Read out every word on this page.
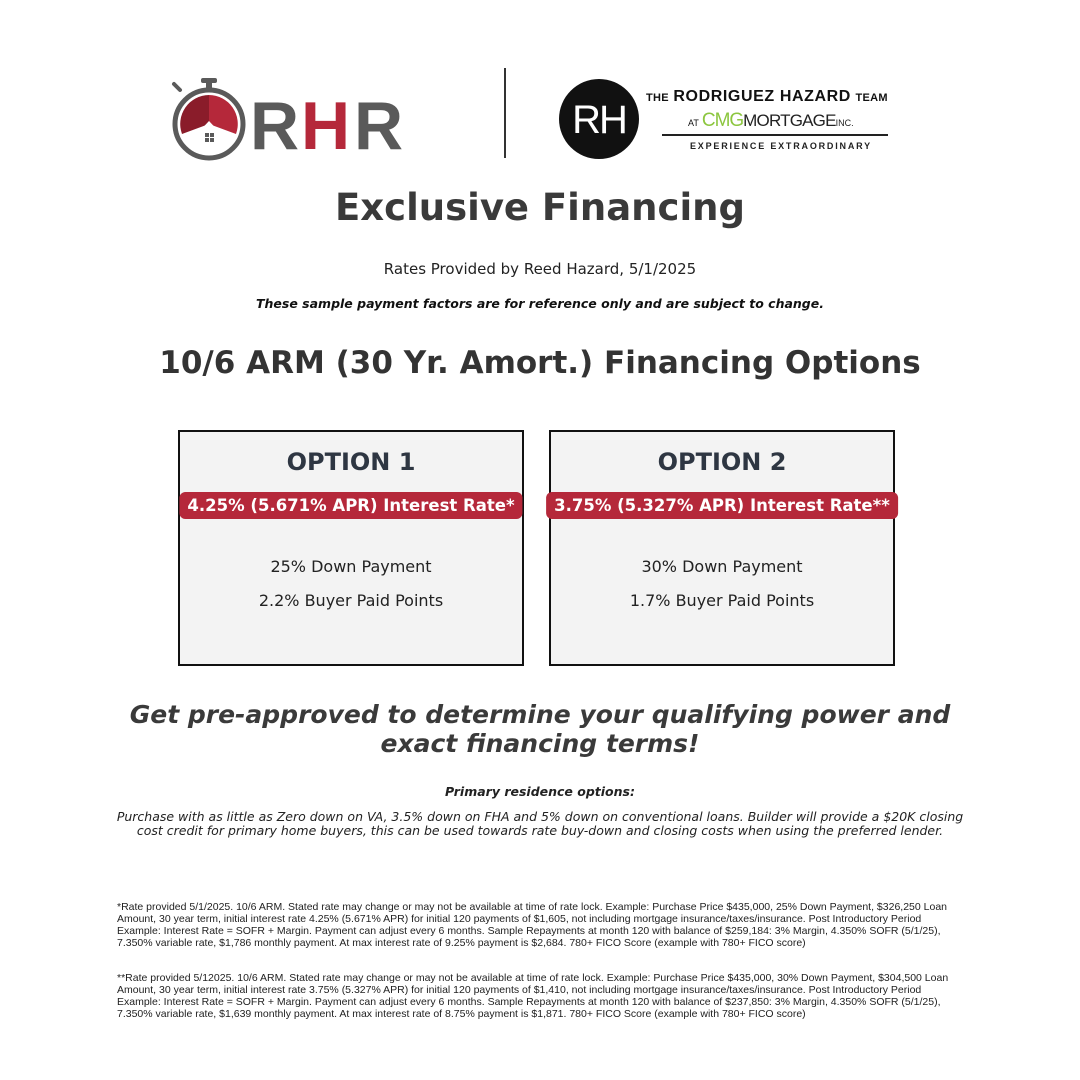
R H R	RH THE RODRIGUEZ HAZARD TEAM
AT CMGMORTGAGEINC.
EXPERIENCE EXTRAORDINARY
Exclusive Financing
Rates Provided by Reed Hazard, 5/1/2025
These sample payment factors are for reference only and are subject to change.
10/6 ARM (30 Yr. Amort.) Financing Options
OPTION 1
4.25% (5.671% APR) Interest Rate*
25% Down Payment
2.2% Buyer Paid Points
OPTION 2
3.75% (5.327% APR) Interest Rate**
30% Down Payment
1.7% Buyer Paid Points
Get pre-approved to determine your qualifying power and exact financing terms!
Primary residence options:
Purchase with as little as Zero down on VA, 3.5% down on FHA and 5% down on conventional loans. Builder will provide a $20K closing cost credit for primary home buyers, this can be used towards rate buy-down and closing costs when using the preferred lender.
*Rate provided 5/1/2025. 10/6 ARM. Stated rate may change or may not be available at time of rate lock. Example: Purchase Price $435,000, 25% Down Payment, $326,250 Loan Amount, 30 year term, initial interest rate 4.25% (5.671% APR) for initial 120 payments of $1,605, not including mortgage insurance/taxes/insurance. Post Introductory Period Example: Interest Rate = SOFR + Margin. Payment can adjust every 6 months. Sample Repayments at month 120 with balance of $259,184: 3% Margin, 4.350% SOFR (5/1/25), 7.350% variable rate, $1,786 monthly payment. At max interest rate of 9.25% payment is $2,684. 780+ FICO Score (example with 780+ FICO score)
**Rate provided 5/12025. 10/6 ARM. Stated rate may change or may not be available at time of rate lock. Example: Purchase Price $435,000, 30% Down Payment, $304,500 Loan Amount, 30 year term, initial interest rate 3.75% (5.327% APR) for initial 120 payments of $1,410, not including mortgage insurance/taxes/insurance. Post Introductory Period Example: Interest Rate = SOFR + Margin. Payment can adjust every 6 months. Sample Repayments at month 120 with balance of $237,850: 3% Margin, 4.350% SOFR (5/1/25), 7.350% variable rate, $1,639 monthly payment. At max interest rate of 8.75% payment is $1,871. 780+ FICO Score (example with 780+ FICO score)
